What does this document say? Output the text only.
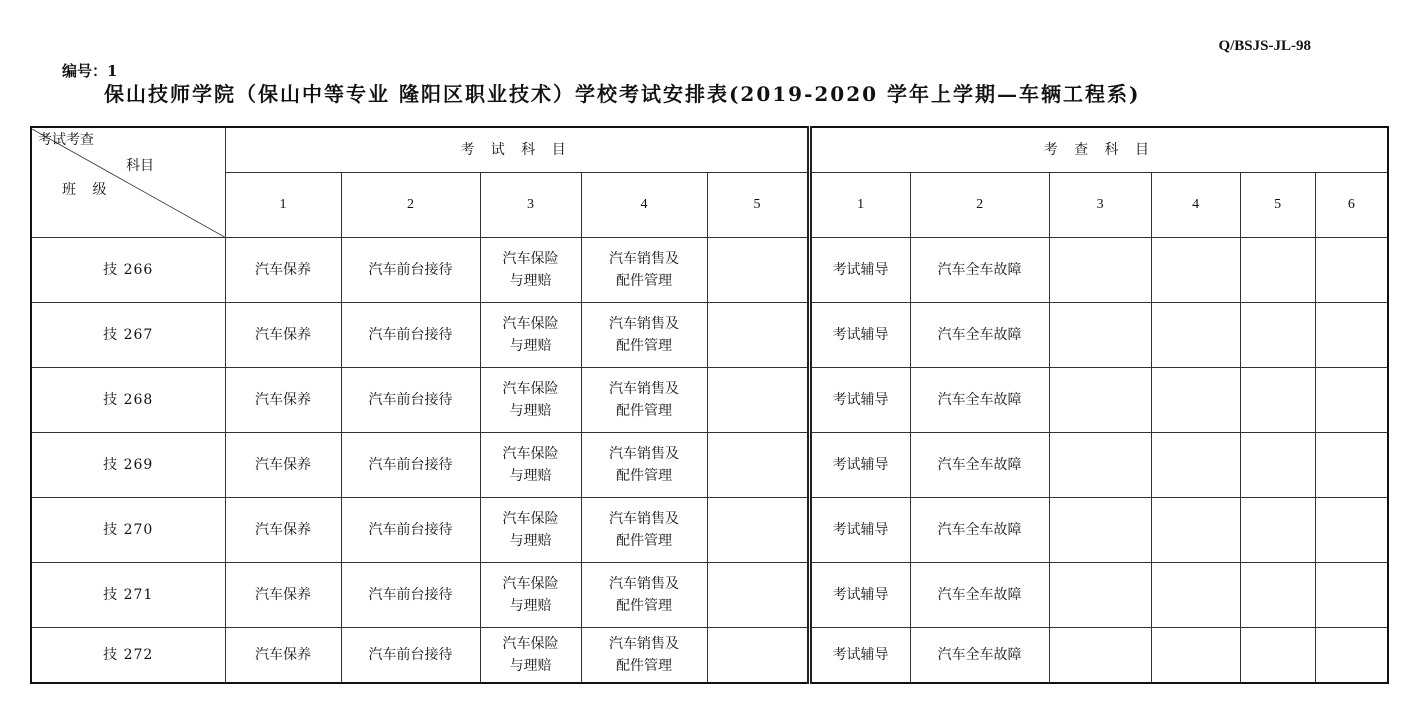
Q/BSJS-JL-98
编号：1
保山技师学院（保山中等专业 隆阳区职业技术）学校考试安排表(2019-2020 学年上学期—车辆工程系)
考试考查
科目
班 级	考 试 科 目					考 查 科 目					
	1	2	3	4	5	1	2	3	4	5	6
技 266	汽车保养	汽车前台接待	汽车保险
与理赔	汽车销售及
配件管理		考试辅导	汽车全车故障				
技 267	汽车保养	汽车前台接待	汽车保险
与理赔	汽车销售及
配件管理		考试辅导	汽车全车故障				
技 268	汽车保养	汽车前台接待	汽车保险
与理赔	汽车销售及
配件管理		考试辅导	汽车全车故障				
技 269	汽车保养	汽车前台接待	汽车保险
与理赔	汽车销售及
配件管理		考试辅导	汽车全车故障				
技 270	汽车保养	汽车前台接待	汽车保险
与理赔	汽车销售及
配件管理		考试辅导	汽车全车故障				
技 271	汽车保养	汽车前台接待	汽车保险
与理赔	汽车销售及
配件管理		考试辅导	汽车全车故障				
技 272	汽车保养	汽车前台接待	汽车保险
与理赔	汽车销售及
配件管理		考试辅导	汽车全车故障				
